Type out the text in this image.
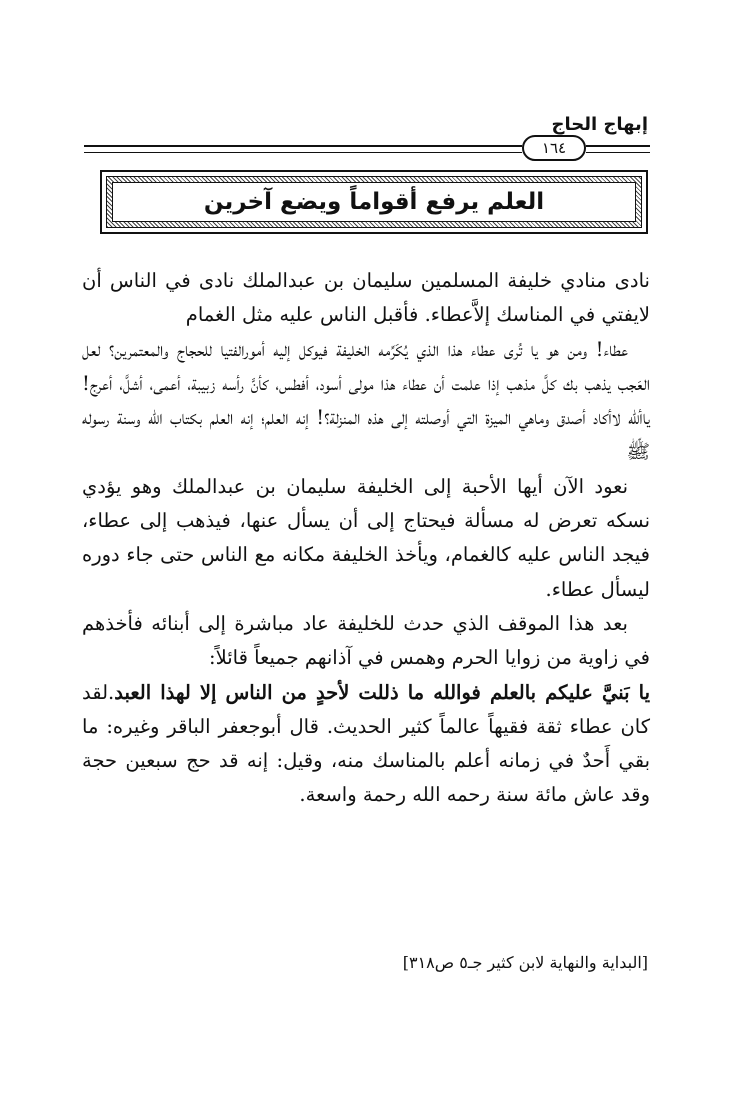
إبهاج الحاج
١٦٤
العلم يرفع أقواماً ويضع آخرين

نادى منادي خليفة المسلمين سليمان بن عبدالملك نادى في الناس أن لايفتي في المناسك إلاَّعطاء. فأقبل الناس عليه مثل الغمام

عطاء! ومن هو يا تُرى عطاء هذا الذي يُكَرِّمه الخليفة فيوكل إليه أمورالفتيا للحجاج والمعتمرين؟ لعل العَجب يذهب بك كلَّ مذهب إذا علمت أن عطاء هذا مولى أسود، أفطس، كأنَّ رأسه زبيبة، أعمى، أشلَّ، أعرج!ياألله لاأكاد أصدق وماهي الميزة التي أوصلته إلى هذه المنزلة؟! إنه العلم؛ إنه العلم بكتاب الله وسنة رسوله ﷺ

نعود الآن أيها الأحبة إلى الخليفة سليمان بن عبدالملك وهو يؤدي نسكه تعرض له مسألة فيحتاج إلى أن يسأل عنها، فيذهب إلى عطاء، فيجد الناس عليه كالغمام، ويأخذ الخليفة مكانه مع الناس حتى جاء دوره ليسأل عطاء.

بعد هذا الموقف الذي حدث للخليفة عاد مباشرة إلى أبنائه فأخذهم في زاوية من زوايا الحرم وهمس في آذانهم جميعاً قائلاً:
يا بَنيَّ عليكم بالعلم فوالله ما ذللت لأحدٍ من الناس إلا لهذا العبد.لقد كان عطاء ثقة فقيهاً عالماً كثير الحديث. قال أبوجعفر الباقر وغيره: ما بقي أَحدٌ في زمانه أعلم بالمناسك منه، وقيل: إنه قد حج سبعين حجة وقد عاش مائة سنة رحمه الله رحمة واسعة.

[البداية والنهاية لابن كثير جـ٥ ص٣١٨]
